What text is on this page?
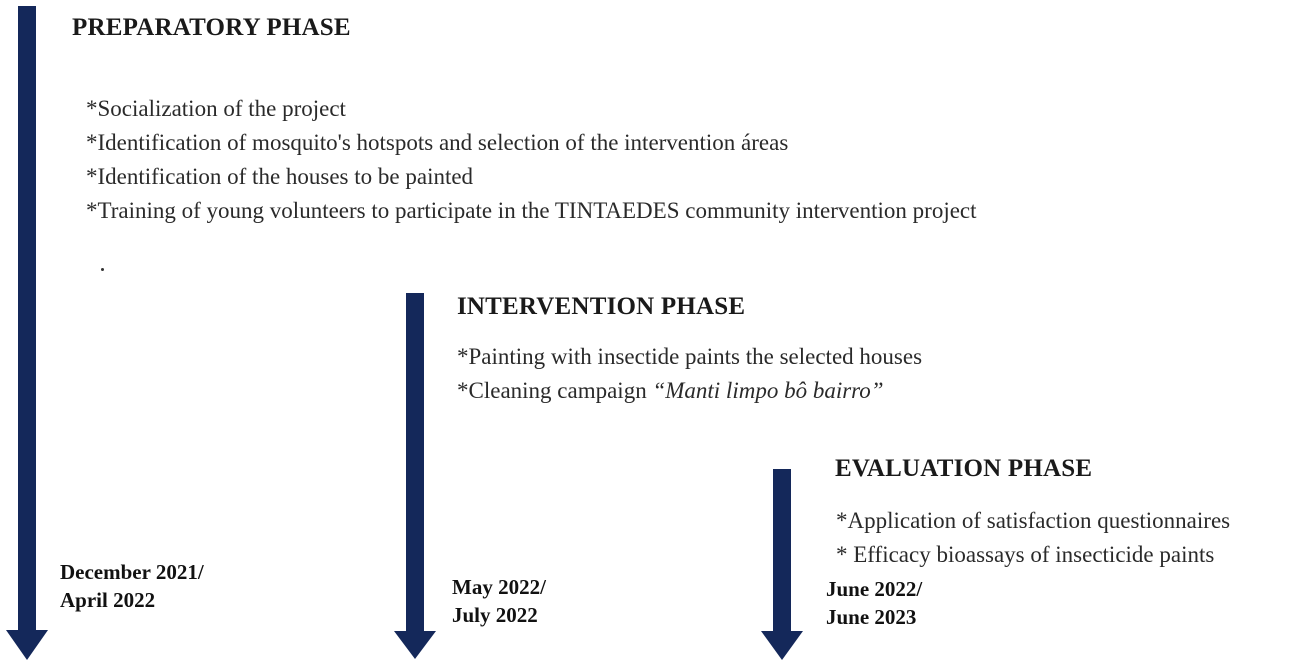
PREPARATORY PHASE
*Socialization of the project
*Identification of mosquito's hotspots and selection of the intervention áreas
*Identification of the houses to be painted
*Training of young volunteers to participate in the TINTAEDES community intervention project
December 2021/
April 2022
INTERVENTION PHASE
*Painting with insectide paints the selected houses
*Cleaning campaign “Manti limpo bô bairro”
May 2022/
July 2022
EVALUATION PHASE
*Application of satisfaction questionnaires
* Efficacy bioassays of insecticide paints
June 2022/
June 2023
